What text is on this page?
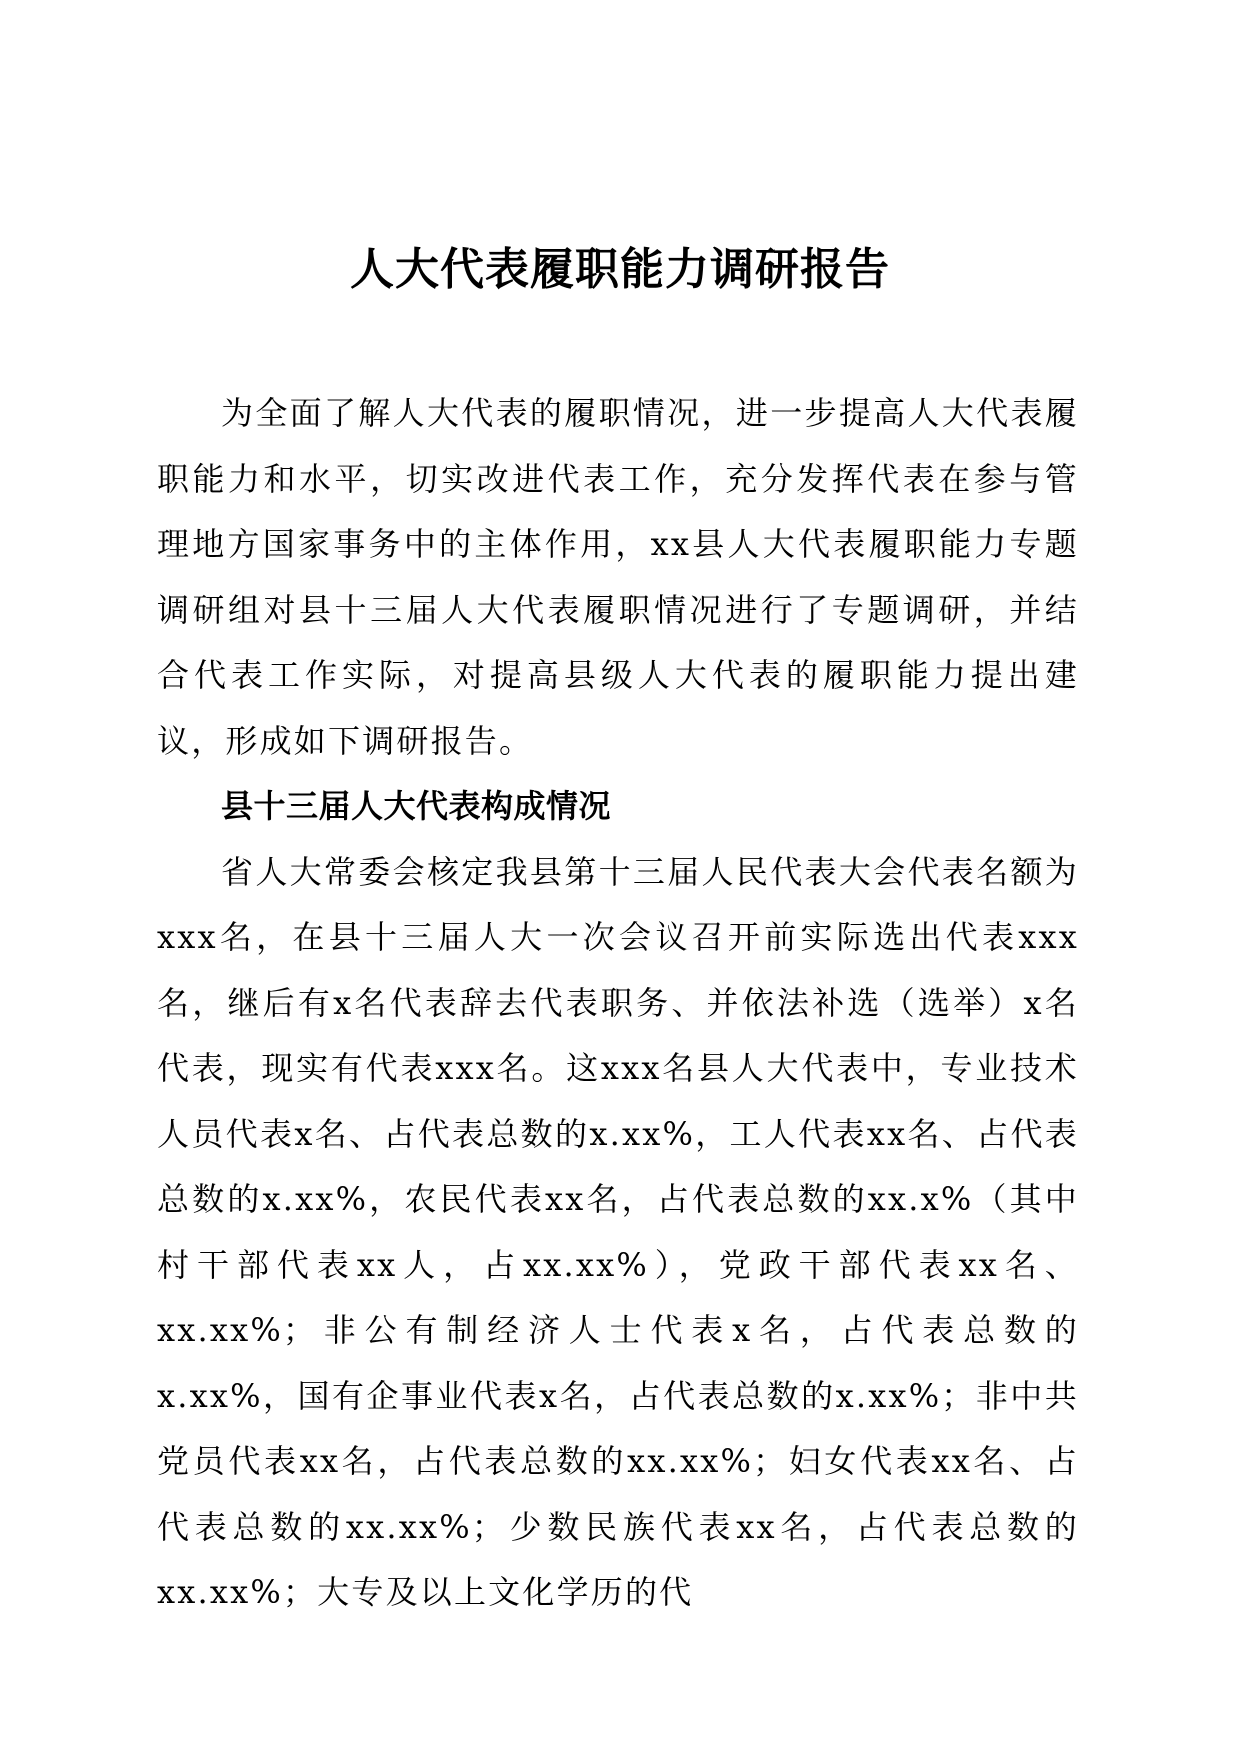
人大代表履职能力调研报告

为全面了解人大代表的履职情况，进一步提高人大代表履职能力和水平，切实改进代表工作，充分发挥代表在参与管理地方国家事务中的主体作用，xx县人大代表履职能力专题调研组对县十三届人大代表履职情况进行了专题调研，并结合代表工作实际，对提高县级人大代表的履职能力提出建议，形成如下调研报告。

县十三届人大代表构成情况

省人大常委会核定我县第十三届人民代表大会代表名额为xxx名，在县十三届人大一次会议召开前实际选出代表xxx名，继后有x名代表辞去代表职务、并依法补选（选举）x名代表，现实有代表xxx名。这xxx名县人大代表中，专业技术人员代表x名、占代表总数的x.xx%，工人代表xx名、占代表总数的x.xx%，农民代表xx名，占代表总数的xx.x%（其中村干部代表xx人，占xx.xx%），党政干部代表xx名、xx.xx%；非公有制经济人士代表x名，占代表总数的x.xx%，国有企事业代表x名，占代表总数的x.xx%；非中共党员代表xx名，占代表总数的xx.xx%；妇女代表xx名、占代表总数的xx.xx%；少数民族代表xx名，占代表总数的xx.xx%；大专及以上文化学历的代
